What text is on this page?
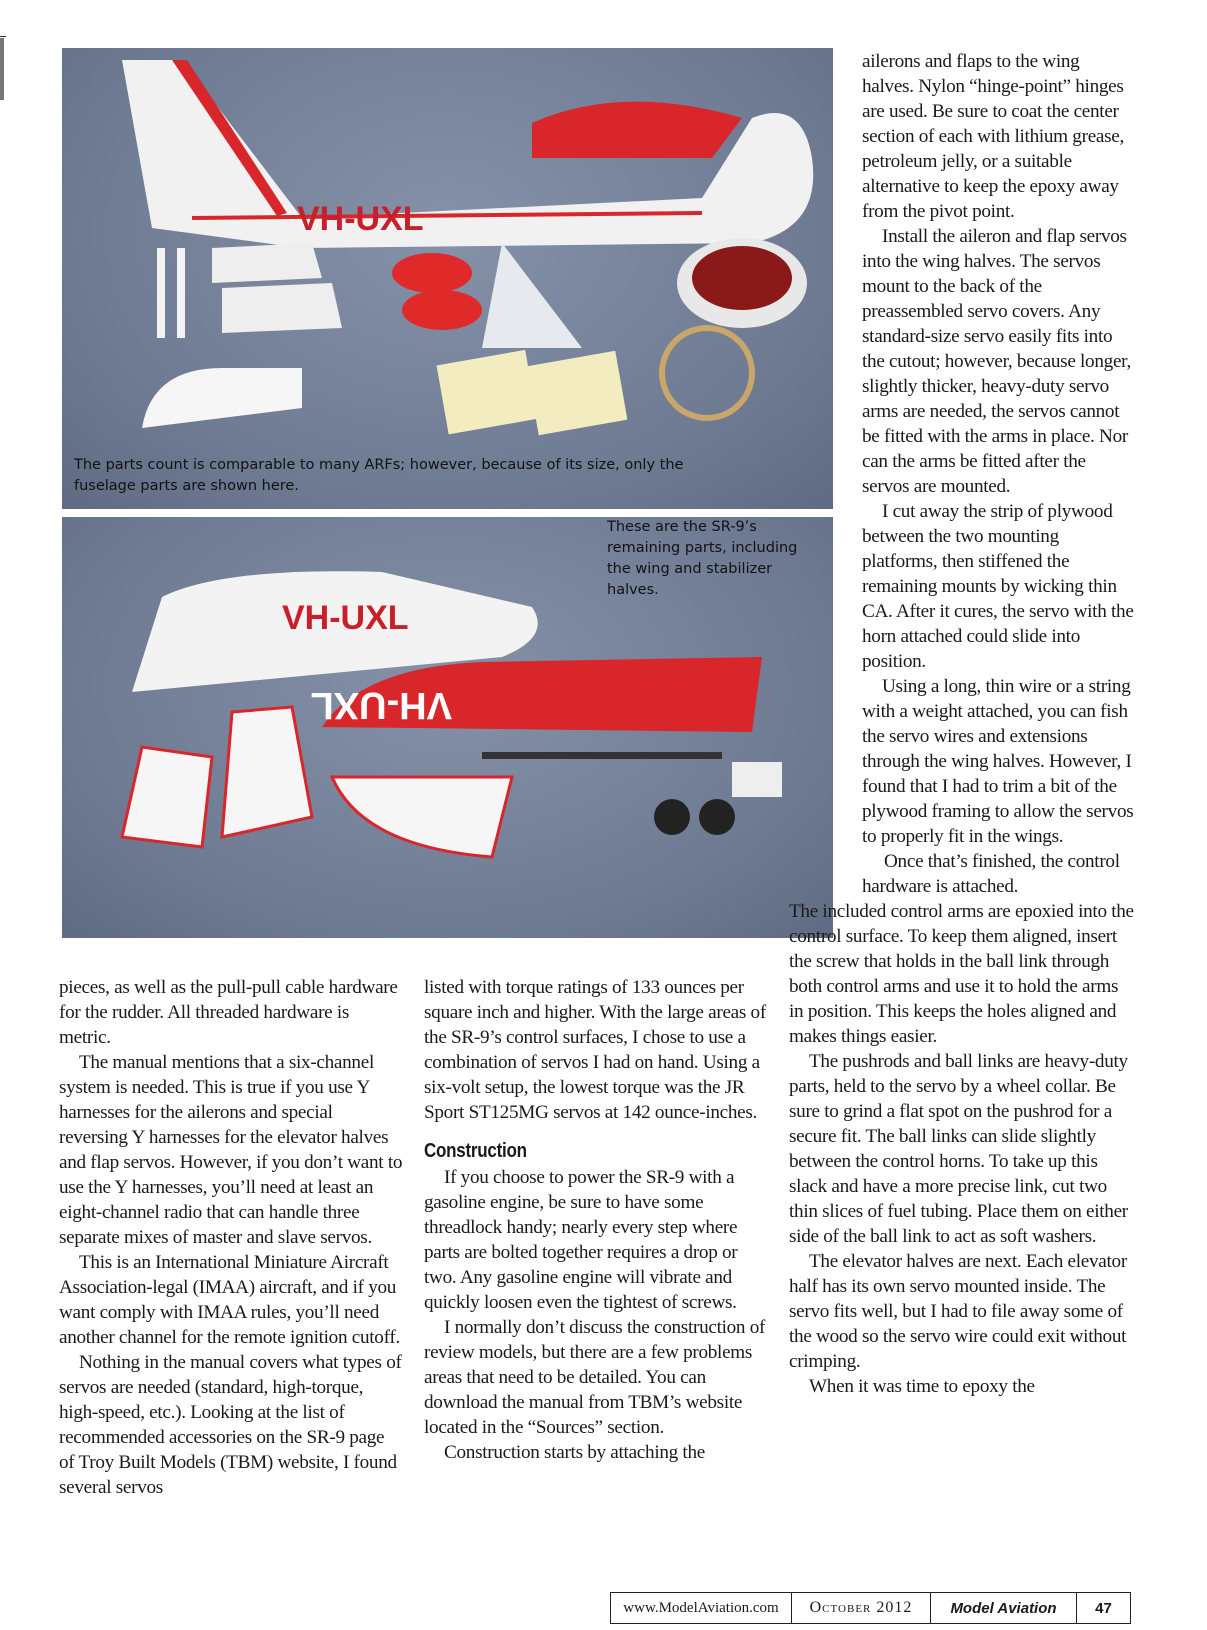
VH-UXL
The parts count is comparable to many ARFs; however, because of its size, only the fuselage parts are shown here.
VH-UXL
VH-UXL
These are the SR-9’s remaining parts, including the wing and stabilizer halves.

ailerons and flaps to the wing halves. Nylon “hinge-point” hinges are used. Be sure to coat the center section of each with lithium grease, petroleum jelly, or a suitable alternative to keep the epoxy away from the pivot point.

Install the aileron and flap servos into the wing halves. The servos mount to the back of the preassembled servo covers. Any standard-size servo easily fits into the cutout; however, because longer, slightly thicker, heavy-duty servo arms are needed, the servos cannot be fitted with the arms in place. Nor can the arms be fitted after the servos are mounted.

I cut away the strip of plywood between the two mounting platforms, then stiffened the remaining mounts by wicking thin CA. After it cures, the servo with the horn attached could slide into position.

Using a long, thin wire or a string with a weight attached, you can fish the servo wires and extensions through the wing halves. However, I found that I had to trim a bit of the plywood framing to allow the servos to properly fit in the wings.

Once that’s finished, the control hardware is attached.

The included control arms are epoxied into the control surface. To keep them aligned, insert the screw that holds in the ball link through both control arms and use it to hold the arms in position. This keeps the holes aligned and makes things easier.

The pushrods and ball links are heavy-duty parts, held to the servo by a wheel collar. Be sure to grind a flat spot on the pushrod for a secure fit. The ball links can slide slightly between the control horns. To take up this slack and have a more precise link, cut two thin slices of fuel tubing. Place them on either side of the ball link to act as soft washers.

The elevator halves are next. Each elevator half has its own servo mounted inside. The servo fits well, but I had to file away some of the wood so the servo wire could exit without crimping.

When it was time to epoxy the

pieces, as well as the pull-pull cable hardware for the rudder. All threaded hardware is metric.

The manual mentions that a six-channel system is needed. This is true if you use Y harnesses for the ailerons and special reversing Y harnesses for the elevator halves and flap servos. However, if you don’t want to use the Y harnesses, you’ll need at least an eight-channel radio that can handle three separate mixes of master and slave servos.

This is an International Miniature Aircraft Association-legal (IMAA) aircraft, and if you want comply with IMAA rules, you’ll need another channel for the remote ignition cutoff.

Nothing in the manual covers what types of servos are needed (standard, high-torque, high-speed, etc.). Looking at the list of recommended accessories on the SR-9 page of Troy Built Models (TBM) website, I found several servos

listed with torque ratings of 133 ounces per square inch and higher. With the large areas of the SR-9’s control surfaces, I chose to use a combination of servos I had on hand. Using a six-volt setup, the lowest torque was the JR Sport ST125MG servos at 142 ounce-inches.

Construction

If you choose to power the SR-9 with a gasoline engine, be sure to have some threadlock handy; nearly every step where parts are bolted together requires a drop or two. Any gasoline engine will vibrate and quickly loosen even the tightest of screws.

I normally don’t discuss the construction of review models, but there are a few problems areas that need to be detailed. You can download the manual from TBM’s website located in the “Sources” section.

Construction starts by attaching the

www.ModelAviation.com	October 2012	Model Aviation	47
